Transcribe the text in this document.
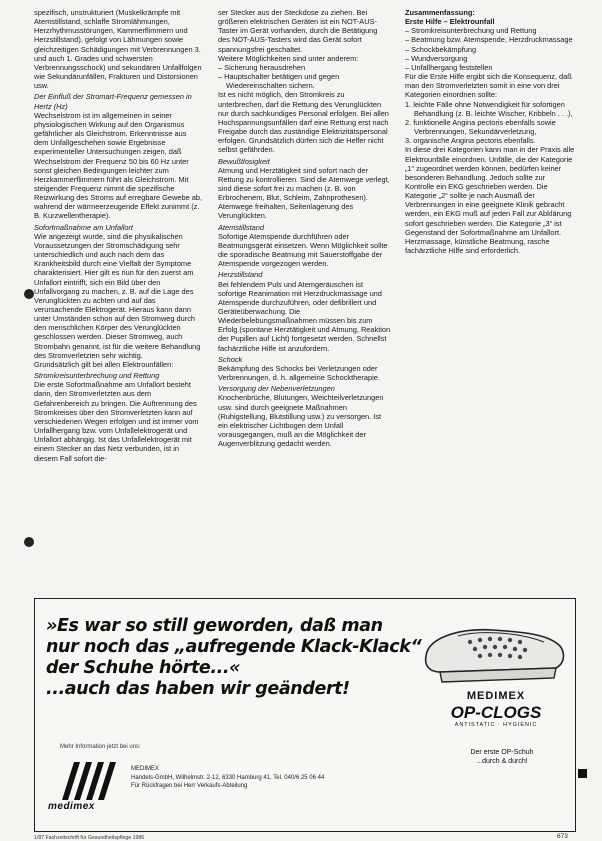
spezifisch, unstrukturiert (Muskelkrämpfe mit Atemstillstand, schlaffe Stromlähmungen, Herzrhythmusstörungen, Kammerflimmern und Herzstillstand), gefolgt von Lähmungen sowie gleichzeitigen Schädigungen mit Verbrennungen 3. und auch 1. Grades und schwersten Verbrennungsschock) und sekundären Unfallfolgen wie Sekundärunfällen, Frakturen und Distorsionen usw.

Der Einfluß der Stromart-Frequenz gemessen in Hertz (Hz)

Wechselstrom ist im allgemeinen in seiner physiologischen Wirkung auf den Organismus gefährlicher als Gleichstrom. Erkenntnisse aus dem Unfallgeschehen sowie Ergebnisse experimenteller Untersuchungen zeigen, daß Wechselstrom der Frequenz 50 bis 60 Hz unter sonst gleichen Bedingungen leichter zum Herzkammerflimmern führt als Gleichstrom. Mit steigender Frequenz nimmt die spezifische Reizwirkung des Stroms auf erregbare Gewebe ab, wahrend der wärmeerzeugende Effekt zunimmt (z. B. Kurzwellentherapie).

Sofortmaßnahme am Unfallort

Wie angezeigt wurde, sind die physikalischen Voraussetzungen der Stromschädigung sehr unterschiedlich und auch nach dem das Krankheitsbild durch eine Vielfalt der Symptome charakterisiert. Hier gilt es nun für den zuerst am Unfallort eintrifft, sich ein Bild über den Unfallvorgang zu machen, z. B. auf die Lage des Verunglückten zu achten und auf das verursachende Elektrogerät. Hieraus kann dann unter Umständen schon auf den Stromweg durch den menschlichen Körper des Verunglückten geschlossen werden. Dieser Stromweg, auch Strombahn genannt, ist für die weitere Behandlung des Stromverletzten sehr wichtig.

Grundsätzlich gilt bei allen Elektrounfällen:

Stromkreisunterbrechung und Rettung

Die erste Sofortmaßnahme am Unfallort besteht darin, den Stromverletzten aus dem Gefahrenbereich zu bringen. Die Auftrennung des Stromkreises über den Stromverletzten kann auf verschiedenen Wegen erfolgen und ist immer vom Unfallhergang bzw. vom Unfallelektrogerät und Unfallort abhängig. Ist das Unfallelektrogerät mit einem Stecker an das Netz verbunden, ist in diesem Fall sofort die-

ser Stecker aus der Steckdose zu ziehen. Bei größeren elektrischen Geräten ist ein NOT-AUS-Taster im Gerät vorhanden, durch die Betätigung des NOT-AUS-Tasters wird das Gerät sofort spannungsfrei geschaltet.

Weitere Möglichkeiten sind unter anderem:

– Sicherung herausdrehen
– Hauptschalter betätigen und gegen Wiedereinschalten sichern.

Ist es nicht möglich, den Stromkreis zu unterbrechen, darf die Rettung des Verunglückten nur durch sachkundiges Personal erfolgen. Bei allen Hochspannungsunfällen darf eine Rettung erst nach Freigabe durch das zuständige Elektrizitätspersonal erfolgen. Grundsätzlich dürfen sich die Helfer nicht selbst gefährden.

Bewußtlosigkeit

Atmung und Herztätigkeit sind sofort nach der Rettung zu kontrollieren. Sind die Atemwege verlegt, sind diese sofort frei zu machen (z. B. von Erbrochenem, Blut, Schleim, Zahnprothesen). Atemwege freihalten, Seitenlagerung des Verunglückten.

Atemstillstand

Sofortige Atemspende durchführen oder Beatmungsgerät einsetzen. Wenn Möglichkeit sollte die sporadische Beatmung mit Sauerstoffgabe der Atemspende vorgezogen werden.

Herzstillstand

Bei fehlendem Puls und Atemgeräuschen ist sofortige Reanimation mit Herzdruckmassage und Atemspende durchzuführen, oder defibrillert und Geräteüberwachung. Die Wiederbelebungsmaßnahmen müssen bis zum Erfolg (spontane Herztätigkeit und Atmung, Reaktion der Pupillen auf Licht) fortgesetzt werden. Schnellst fachärztliche Hilfe ist anzufordern.

Schock

Bekämpfung des Schocks bei Verletzungen oder Verbrennungen, d. h. allgemeine Schocktherapie.

Versorgung der Nebenverletzungen

Knochenbrüche, Blutungen, Weichteilverletzungen usw. sind durch geeignete Maßnahmen (Ruhigstellung, Blutstillung usw.) zu versorgen. Ist ein elektrischer Lichtbogen dem Unfall vorausgegangen, muß an die Möglichkeit der Augenverblitzung gedacht werden.

Zusammenfassung:

Erste Hilfe – Elektrounfall

– Stromkreisunterbrechung und Rettung
– Beatmung bzw. Atemspende, Herzdruckmassage
– Schockbekämpfung
– Wundversorgung
– Unfallhergang feststellen

Für die Erste Hilfe ergibt sich die Konsequenz, daß man den Stromverletzten somit in eine von drei Kategorien einordnen sollte:

1. leichte Fälle ohne Notwendigkeit für sofortigen Behandlung (z. B. leichte Wischer, Kribbeln . . .),
2. funktionelle Angina pectoris ebenfalls sowie Verbrennungen, Sekundärverletzung,
3. organische Angina pectoris ebenfalls.

In diese drei Kategorien kann man in der Praxis alle Elektrounfälle einordnen. Unfälle, die der Kategorie „1“ zugeordnet werden können, bedürfen keiner besonderen Behandlung. Jedoch sollte zur Kontrolle ein EKG geschrieben werden. Die Kategorie „2“ sollte je nach Ausmaß der Verbrennungen in eine geeignete Klinik gebracht werden, ein EKG muß auf jeden Fall zur Abklärung sofort geschrieben werden. Die Kategorie „3“ ist Gegenstand der Sofortmaßnahme am Unfallort. Herzmassage, künstliche Beatmung, rasche fachärztliche Hilfe sind erforderlich.

»Es war so still geworden, daß man

nur noch das „aufregende Klack-Klack“

der Schuhe hörte...«

...auch das haben wir geändert!

Mehr Information jetzt bei uns:
medimex

MEDIMEX

Handels-GmbH, Wilhelmstr. 2-12, 6330 Hamburg 41, Tel. 040/6 25 06 44

Für Rückfragen bei Herr Verkaufs-Abteilung

MEDIMEX
OP-CLOGS
ANTISTATIC · HYGIENIC

Der erste OP-Schuh

...durch & durch!

1/87 Fachzeitschrift für Gesundheitspflege 1986	673
